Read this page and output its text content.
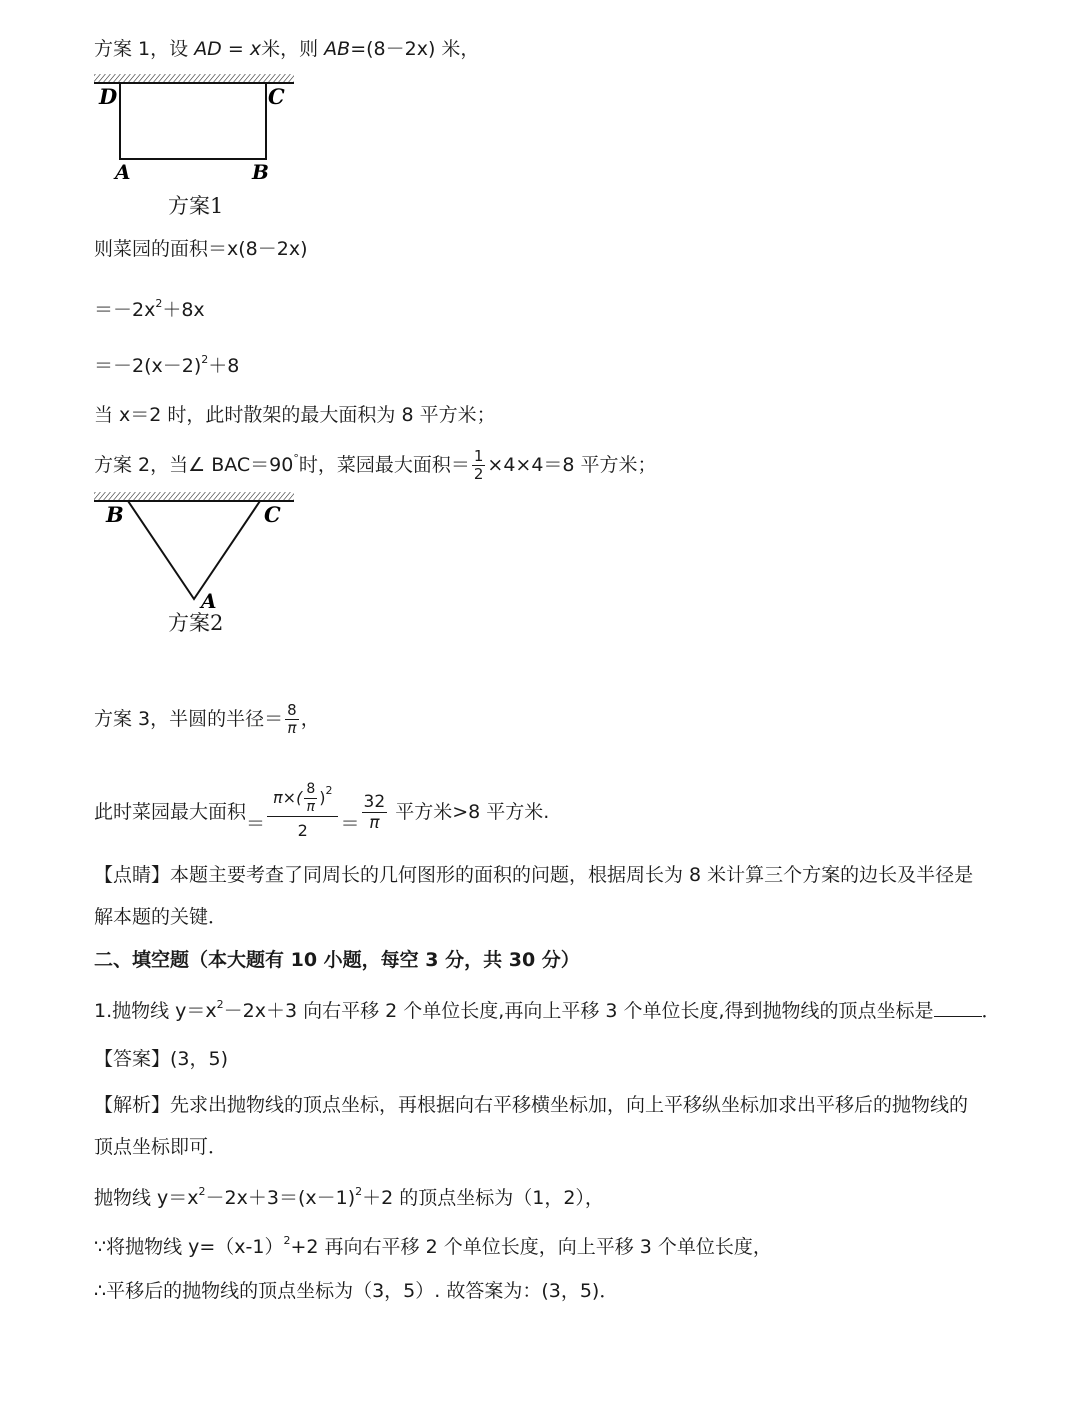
方案 1，设 AD = x米，则 AB=(8－2x) 米，
D	C
A	B
方案1
则菜园的面积＝x(8－2x)
$=-2x^2+8x$
$=-2(x-2)^2+8$
当 x＝2 时，此时散架的最大面积为 8 平方米；
方案 2，当∠ BAC＝90°时，菜园最大面积＝ $\frac{1}{2} \times 4\times 4=8$ 平方米；
B	C
A
方案2
方案 3，半圆的半径＝ $\frac{8}{\pi}$ ，
此时菜园最大面积＝ $\frac{\pi\times( \frac{8}{\pi} )^2}{2} = \frac{32}{\pi}$ 平方米>8 平方米.
【点睛】本题主要考查了同周长的几何图形的面积的问题，根据周长为 8 米计算三个方案的边长及半径是
解本题的关键．
二、填空题（本大题有 10 小题，每空 3 分，共 30 分）
1.抛物线 $y=x^2-2x+3$ 向右平移 2 个单位长度,再向上平移 3 个单位长度,得到抛物线的顶点坐标是	．
【答案】(3，5)
【解析】先求出抛物线的顶点坐标，再根据向右平移横坐标加，向上平移纵坐标加求出平移后的抛物线的
顶点坐标即可．
抛物线 $y=x^2-2x+3=(x-1)^2+2$ 的顶点坐标为（1，2），
∵将抛物线 $y=(x-1)^2+2$ 再向右平移 2 个单位长度，向上平移 3 个单位长度，
∴平移后的抛物线的顶点坐标为（3，5）. 故答案为：(3，5)．
